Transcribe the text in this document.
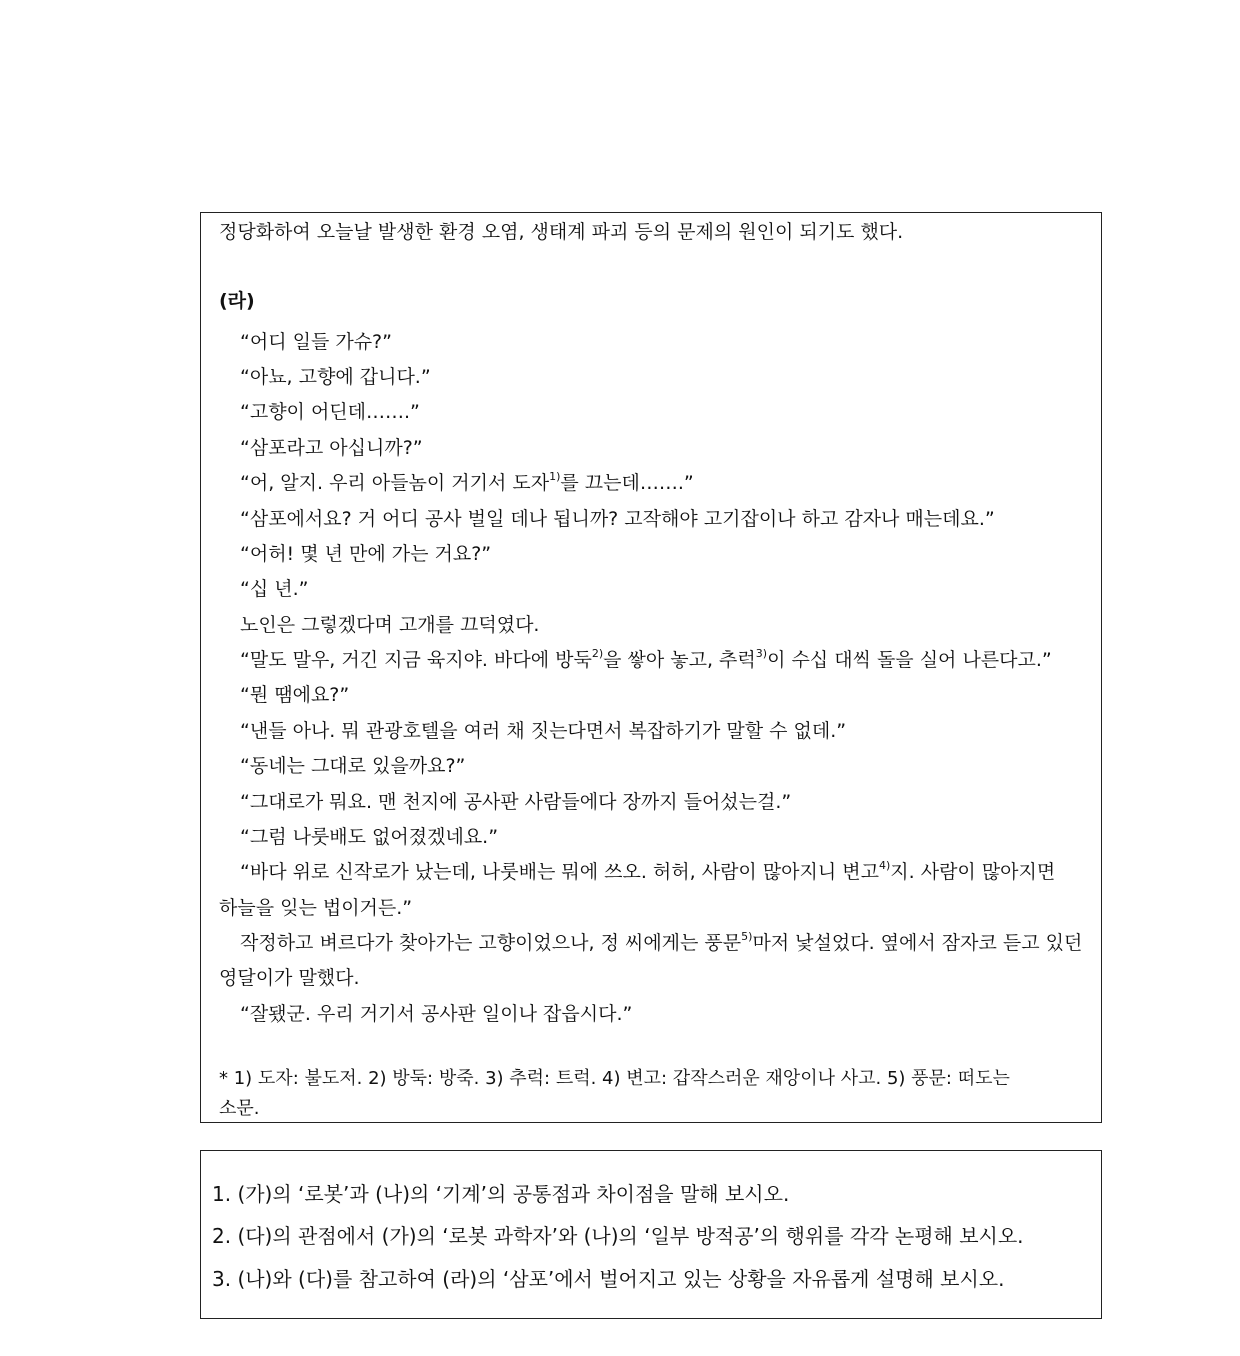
정당화하여 오늘날 발생한 환경 오염, 생태계 파괴 등의 문제의 원인이 되기도 했다.
(라)
“어디 일들 가슈?”
“아뇨, 고향에 갑니다.”
“고향이 어딘데…….”
“삼포라고 아십니까?”
“어, 알지. 우리 아들놈이 거기서 도자$^{1)}$를 끄는데…….”
“삼포에서요? 거 어디 공사 벌일 데나 됩니까? 고작해야 고기잡이나 하고 감자나 매는데요.”
“어허! 몇 년 만에 가는 거요?”
“십 년.”
노인은 그렇겠다며 고개를 끄덕였다.
“말도 말우, 거긴 지금 육지야. 바다에 방둑$^{2)}$을 쌓아 놓고, 추럭$^{3)}$이 수십 대씩 돌을 실어 나른다고.”
“뭔 땜에요?”
“낸들 아나. 뭐 관광호텔을 여러 채 짓는다면서 복잡하기가 말할 수 없데.”
“동네는 그대로 있을까요?”
“그대로가 뭐요. 맨 천지에 공사판 사람들에다 장까지 들어섰는걸.”
“그럼 나룻배도 없어졌겠네요.”
“바다 위로 신작로가 났는데, 나룻배는 뭐에 쓰오. 허허, 사람이 많아지니 변고$^{4)}$지. 사람이 많아지면
하늘을 잊는 법이거든.”
작정하고 벼르다가 찾아가는 고향이었으나, 정 씨에게는 풍문$^{5)}$마저 낯설었다. 옆에서 잠자코 듣고 있던
영달이가 말했다.
“잘됐군. 우리 거기서 공사판 일이나 잡읍시다.”
* 1) 도자: 불도저. 2) 방둑: 방죽. 3) 추럭: 트럭. 4) 변고: 갑작스러운 재앙이나 사고. 5) 풍문: 떠도는
소문.
1. (가)의 ‘로봇’과 (나)의 ‘기계’의 공통점과 차이점을 말해 보시오.
2. (다)의 관점에서 (가)의 ‘로봇 과학자’와 (나)의 ‘일부 방적공’의 행위를 각각 논평해 보시오.
3. (나)와 (다)를 참고하여 (라)의 ‘삼포’에서 벌어지고 있는 상황을 자유롭게 설명해 보시오.
